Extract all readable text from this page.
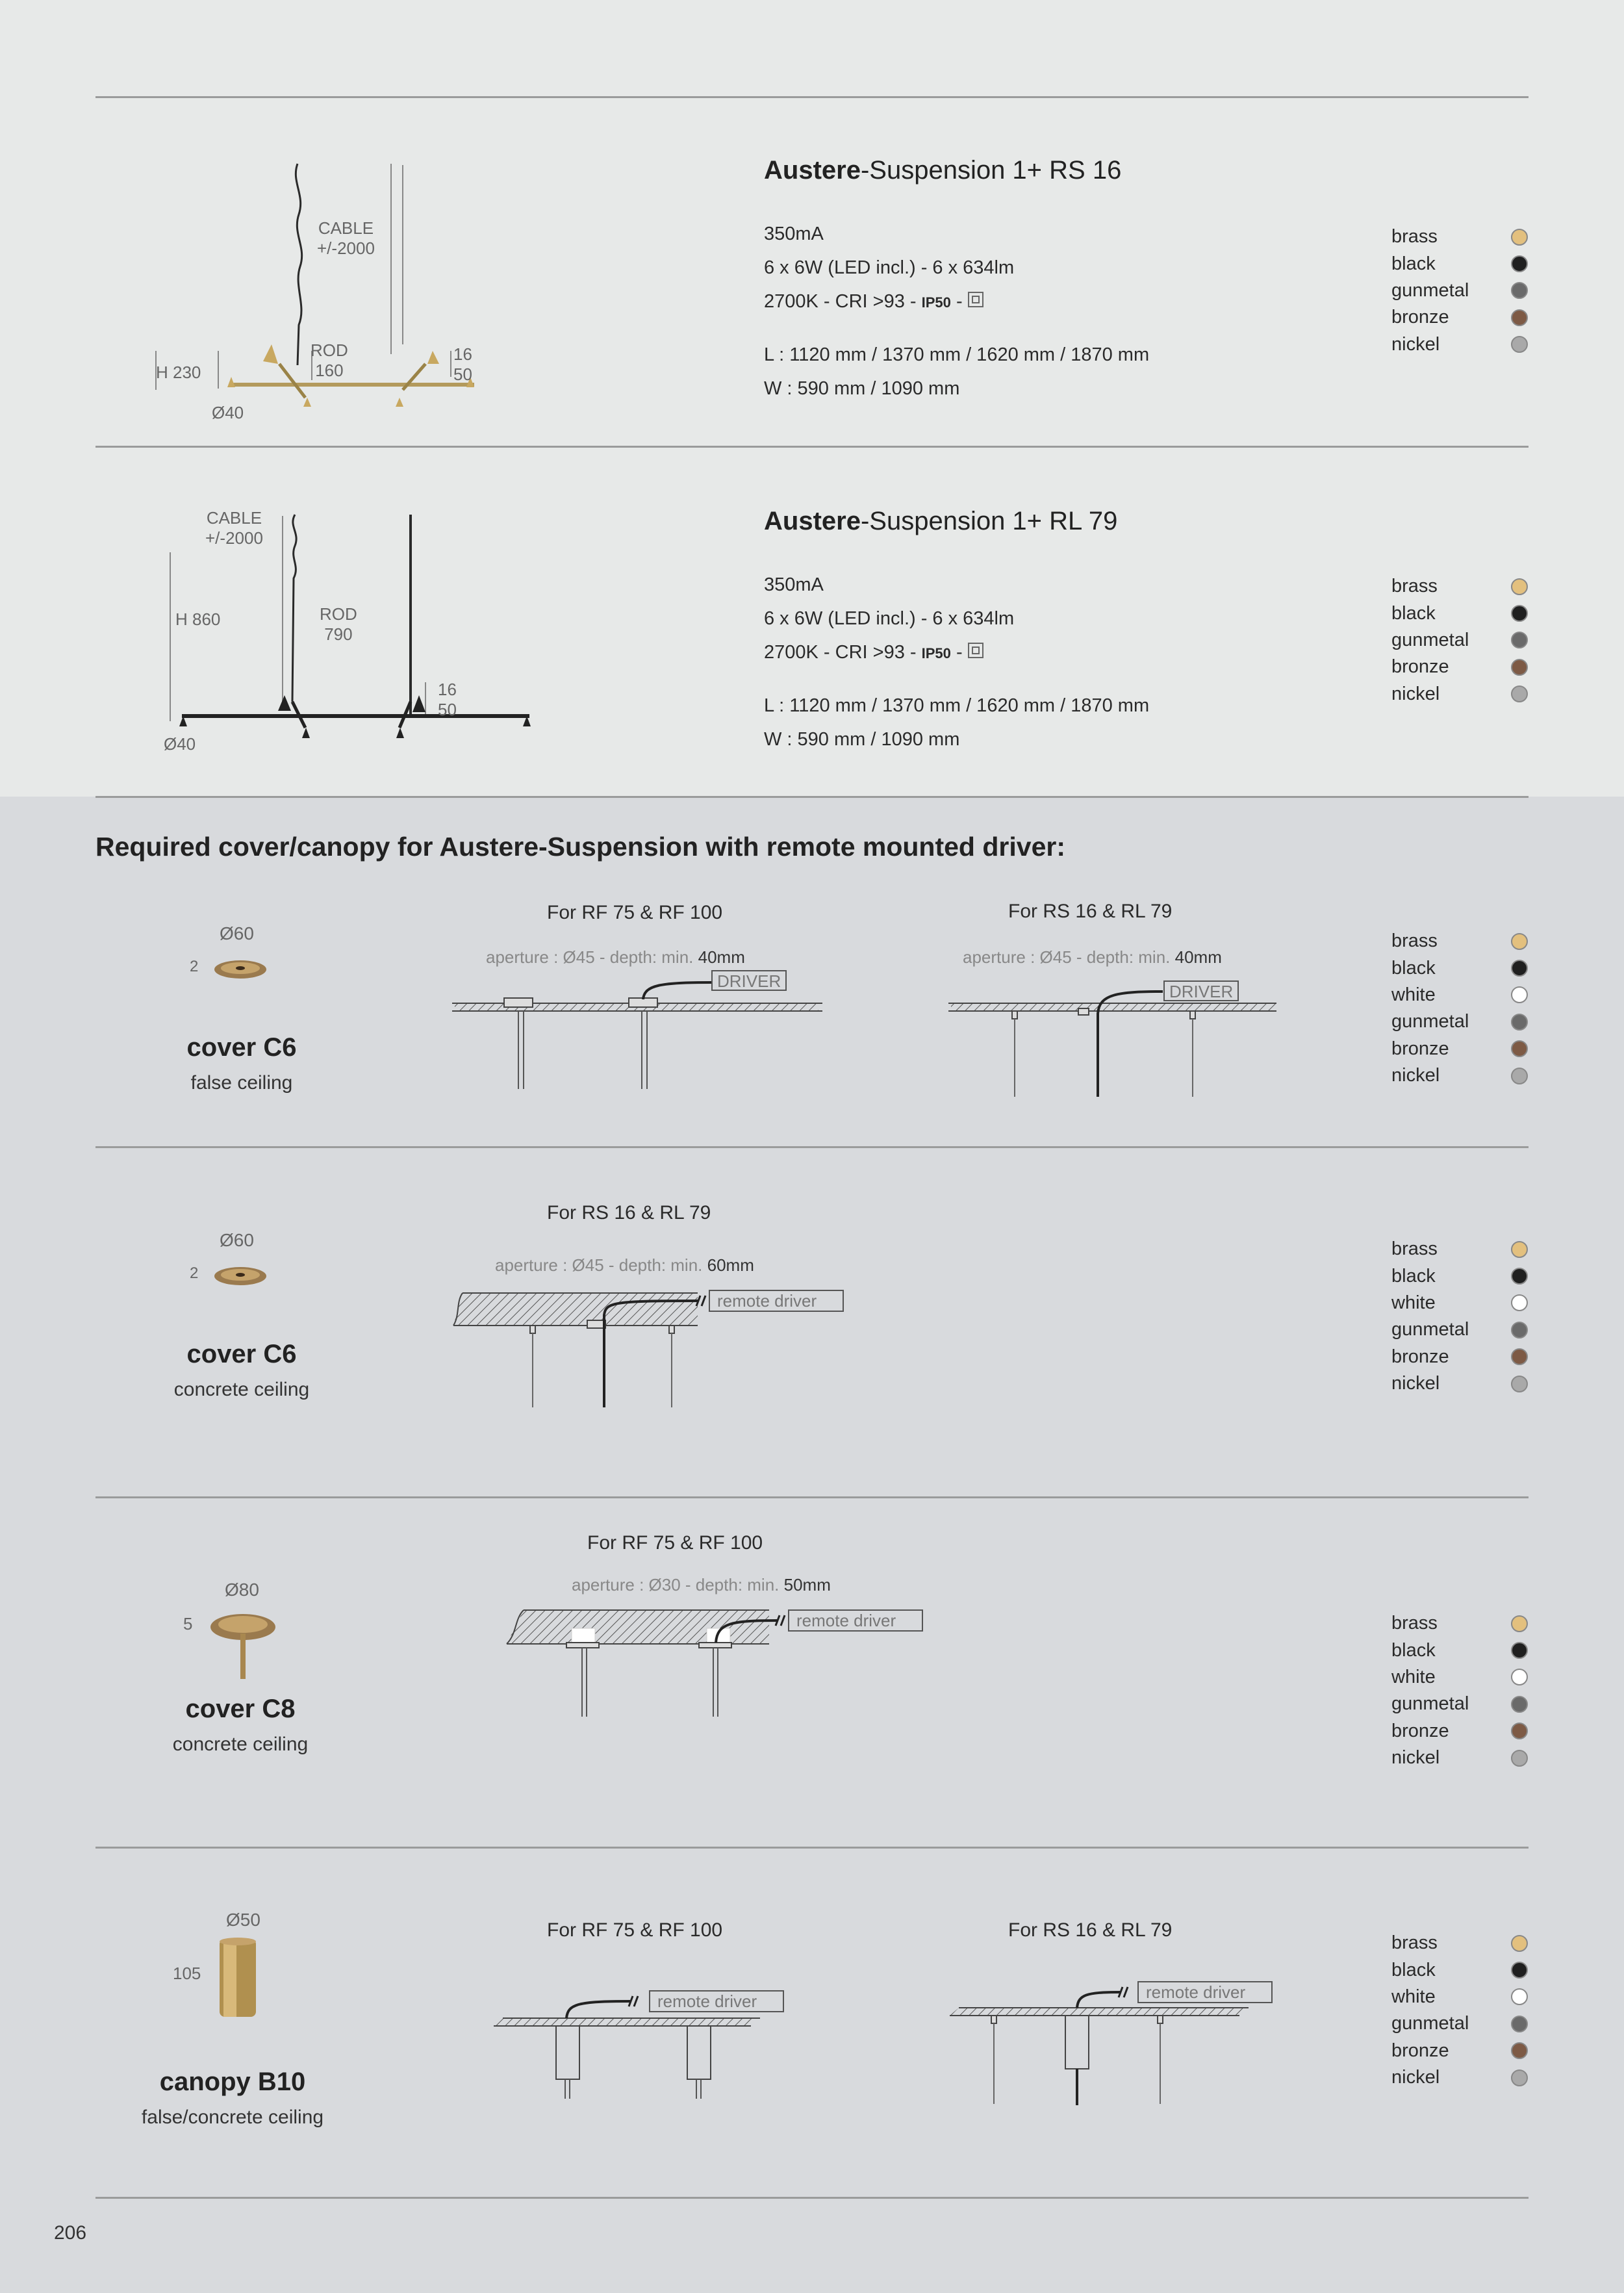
CABLE
+/-2000
ROD
160
H 230
16
50
Ø40
Austere-Suspension 1+ RS 16
350mA
6 x 6W (LED incl.) - 6 x 634lm
2700K - CRI >93 - IP50 -
L : 1120 mm / 1370 mm / 1620 mm / 1870 mm
W : 590 mm / 1090 mm
brass
black
gunmetal
bronze
nickel
CABLE
+/-2000
ROD
790
H 860
16
50
Ø40
Austere-Suspension 1+ RL 79
350mA
6 x 6W (LED incl.) - 6 x 634lm
2700K - CRI >93 - IP50 -
L : 1120 mm / 1370 mm / 1620 mm / 1870 mm
W : 590 mm / 1090 mm
brass
black
gunmetal
bronze
nickel
Required cover/canopy for Austere-Suspension with remote mounted driver:
Ø60
2
cover C6
false ceiling
For RF 75 & RF 100
aperture : Ø45 - depth: min. 40mm
DRIVER
For RS 16 & RL 79
aperture : Ø45 - depth: min. 40mm
DRIVER
brass
black
white
gunmetal
bronze
nickel
Ø60
2
cover C6
concrete ceiling
For RS 16 & RL 79
aperture : Ø45 - depth: min. 60mm
remote driver
brass
black
white
gunmetal
bronze
nickel
Ø80
5
cover C8
concrete ceiling
For RF 75 & RF 100
aperture : Ø30 - depth: min. 50mm
remote driver	brass
black
white
gunmetal
bronze
nickel
Ø50
105
canopy B10
false/concrete ceiling
For RF 75 & RF 100
remote driver
For RS 16 & RL 79
remote driver
brass
black
white
gunmetal
bronze
nickel
206
